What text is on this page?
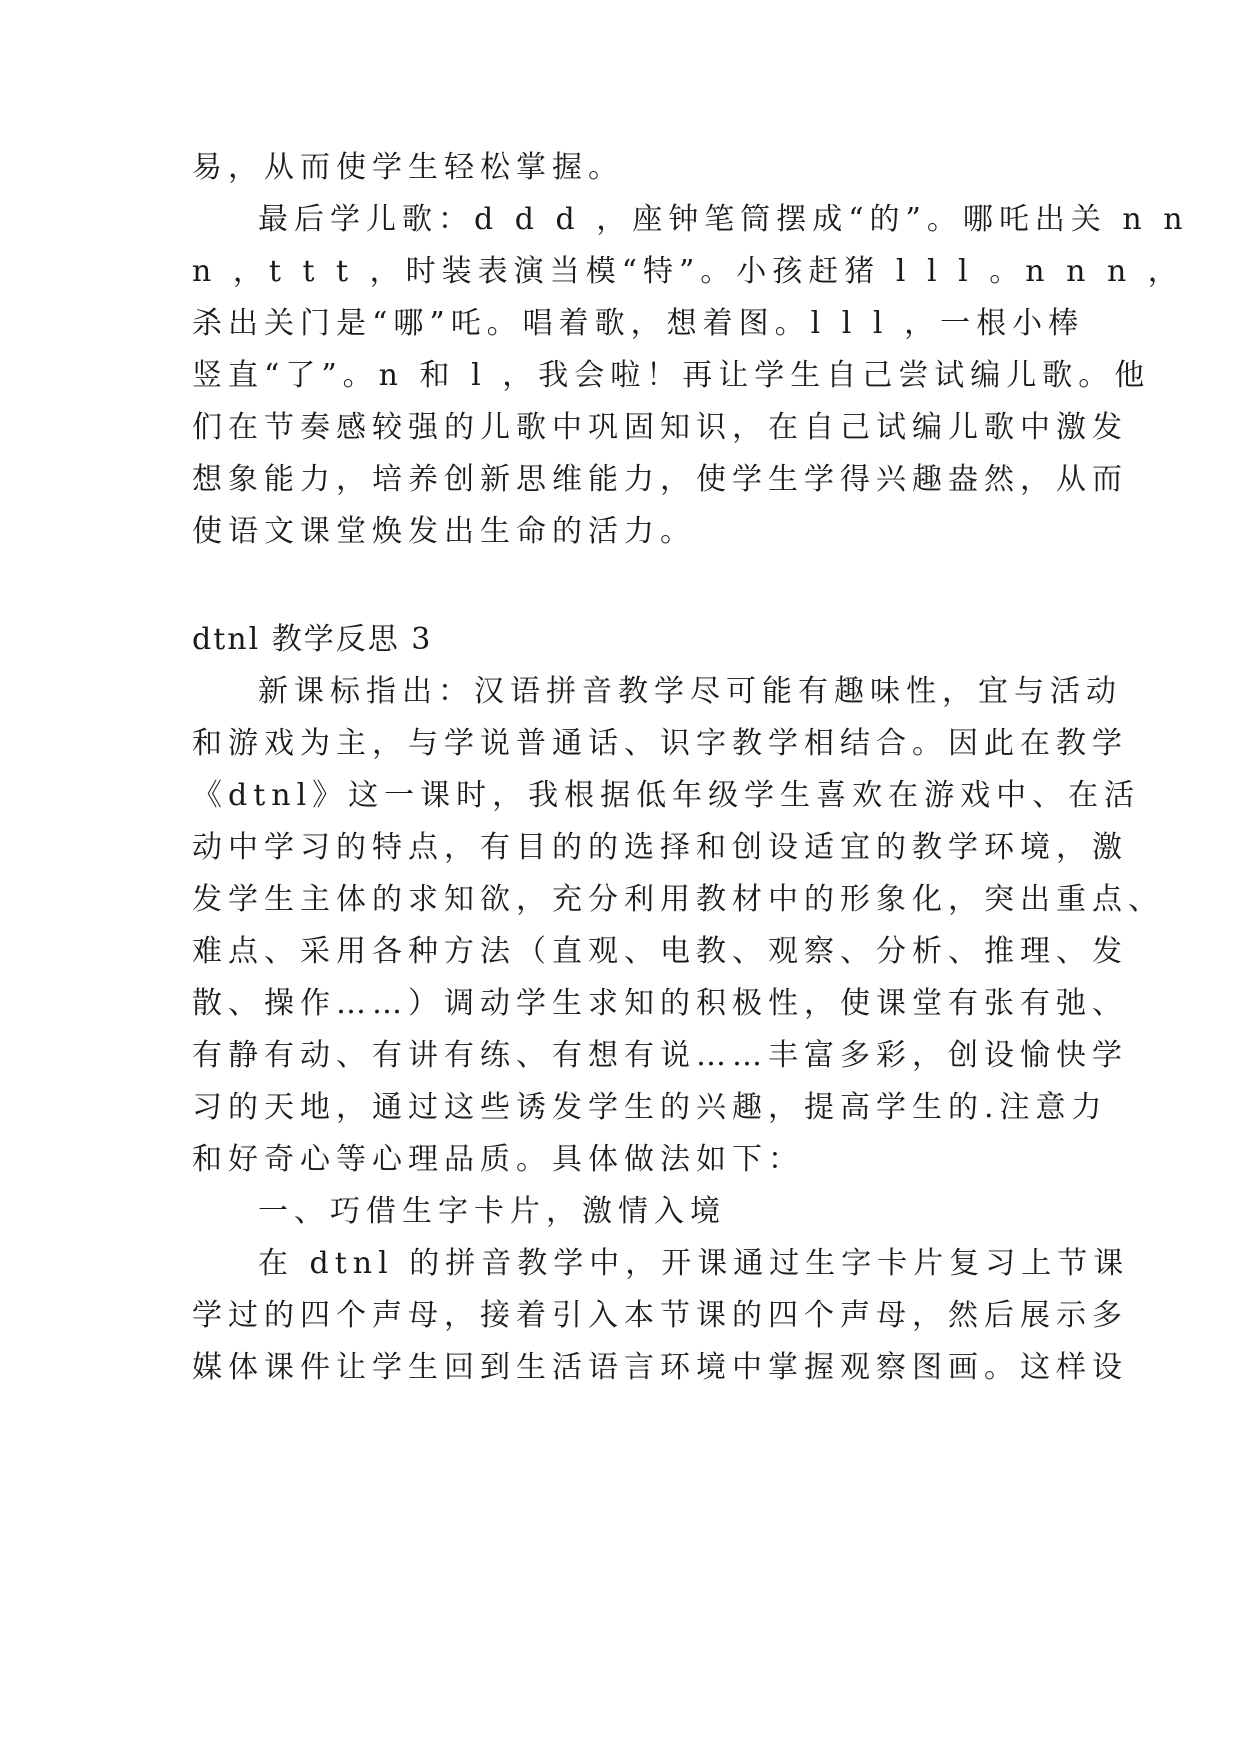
易，从而使学生轻松掌握。
最后学儿歌：d d d ，座钟笔筒摆成“的”。哪吒出关 n n
n ，t t t ，时装表演当模“特”。小孩赶猪 l l l 。n n n ，
杀出关门是“哪”吒。唱着歌，想着图。l l l ，一根小棒
竖直“了”。n 和 l ，我会啦！再让学生自己尝试编儿歌。他
们在节奏感较强的儿歌中巩固知识，在自己试编儿歌中激发
想象能力，培养创新思维能力，使学生学得兴趣盎然，从而
使语文课堂焕发出生命的活力。
dtnl 教学反思 3
新课标指出：汉语拼音教学尽可能有趣味性，宜与活动
和游戏为主，与学说普通话、识字教学相结合。因此在教学
《dtnl》这一课时，我根据低年级学生喜欢在游戏中、在活
动中学习的特点，有目的的选择和创设适宜的教学环境，激
发学生主体的求知欲，充分利用教材中的形象化，突出重点、
难点、采用各种方法（直观、电教、观察、分析、推理、发
散、操作……）调动学生求知的积极性，使课堂有张有弛、
有静有动、有讲有练、有想有说……丰富多彩，创设愉快学
习的天地，通过这些诱发学生的兴趣，提高学生的.注意力
和好奇心等心理品质。具体做法如下：
一、巧借生字卡片，激情入境
在 dtnl 的拼音教学中，开课通过生字卡片复习上节课
学过的四个声母，接着引入本节课的四个声母，然后展示多
媒体课件让学生回到生活语言环境中掌握观察图画。这样设
